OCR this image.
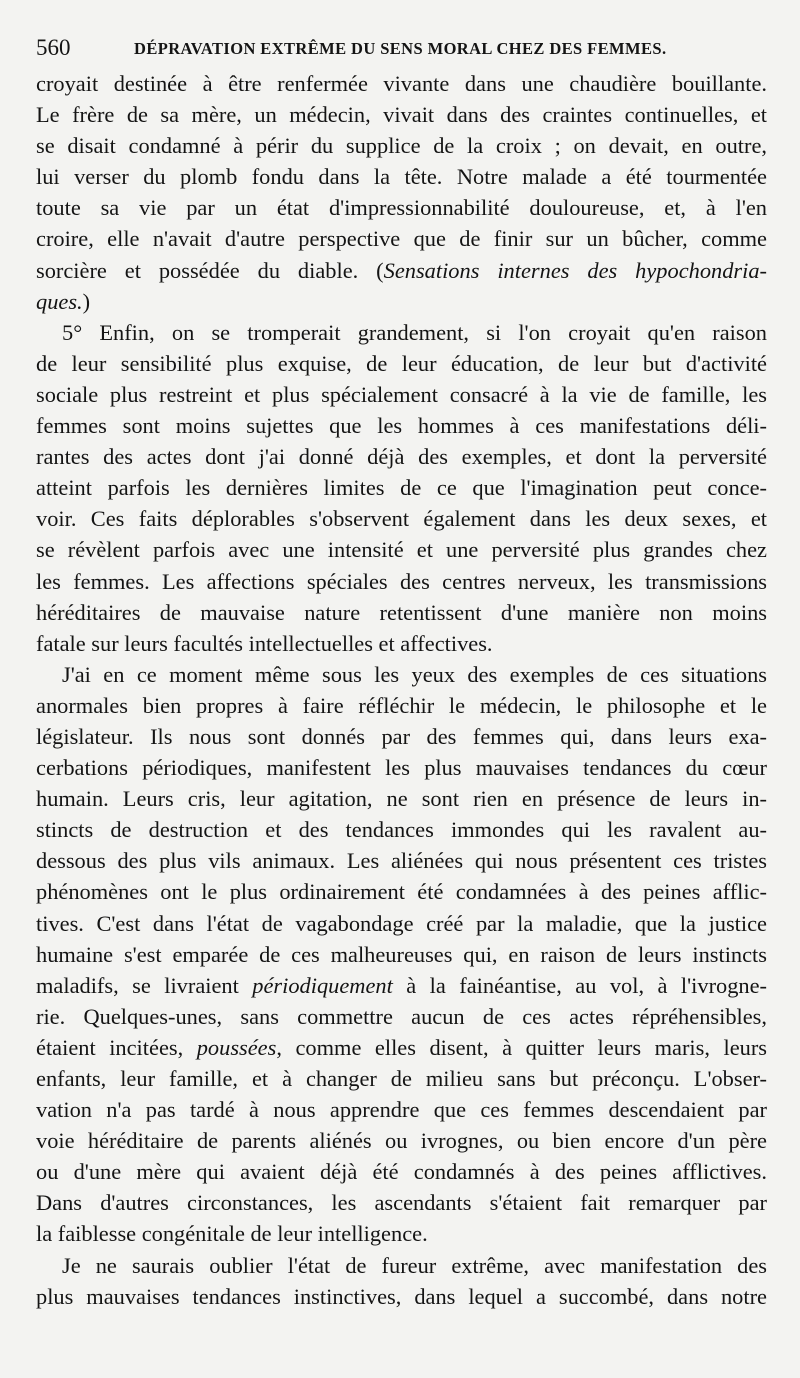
560	DÉPRAVATION EXTRÊME DU SENS MORAL CHEZ DES FEMMES.
croyait destinée à être renfermée vivante dans une chaudière bouillante.
Le frère de sa mère, un médecin, vivait dans des craintes continuelles, et
se disait condamné à périr du supplice de la croix ; on devait, en outre,
lui verser du plomb fondu dans la tête. Notre malade a été tourmentée
toute sa vie par un état d'impressionnabilité douloureuse, et, à l'en
croire, elle n'avait d'autre perspective que de finir sur un bûcher, comme
sorcière et possédée du diable. (Sensations internes des hypochondria-
ques.)
5° Enfin, on se tromperait grandement, si l'on croyait qu'en raison
de leur sensibilité plus exquise, de leur éducation, de leur but d'activité
sociale plus restreint et plus spécialement consacré à la vie de famille, les
femmes sont moins sujettes que les hommes à ces manifestations déli-
rantes des actes dont j'ai donné déjà des exemples, et dont la perversité
atteint parfois les dernières limites de ce que l'imagination peut conce-
voir. Ces faits déplorables s'observent également dans les deux sexes, et
se révèlent parfois avec une intensité et une perversité plus grandes chez
les femmes. Les affections spéciales des centres nerveux, les transmissions
héréditaires de mauvaise nature retentissent d'une manière non moins
fatale sur leurs facultés intellectuelles et affectives.
J'ai en ce moment même sous les yeux des exemples de ces situations
anormales bien propres à faire réfléchir le médecin, le philosophe et le
législateur. Ils nous sont donnés par des femmes qui, dans leurs exa-
cerbations périodiques, manifestent les plus mauvaises tendances du cœur
humain. Leurs cris, leur agitation, ne sont rien en présence de leurs in-
stincts de destruction et des tendances immondes qui les ravalent au-
dessous des plus vils animaux. Les aliénées qui nous présentent ces tristes
phénomènes ont le plus ordinairement été condamnées à des peines afflic-
tives. C'est dans l'état de vagabondage créé par la maladie, que la justice
humaine s'est emparée de ces malheureuses qui, en raison de leurs instincts
maladifs, se livraient périodiquement à la fainéantise, au vol, à l'ivrogne-
rie. Quelques-unes, sans commettre aucun de ces actes répréhensibles,
étaient incitées, poussées, comme elles disent, à quitter leurs maris, leurs
enfants, leur famille, et à changer de milieu sans but préconçu. L'obser-
vation n'a pas tardé à nous apprendre que ces femmes descendaient par
voie héréditaire de parents aliénés ou ivrognes, ou bien encore d'un père
ou d'une mère qui avaient déjà été condamnés à des peines afflictives.
Dans d'autres circonstances, les ascendants s'étaient fait remarquer par
la faiblesse congénitale de leur intelligence.
Je ne saurais oublier l'état de fureur extrême, avec manifestation des
plus mauvaises tendances instinctives, dans lequel a succombé, dans notre
